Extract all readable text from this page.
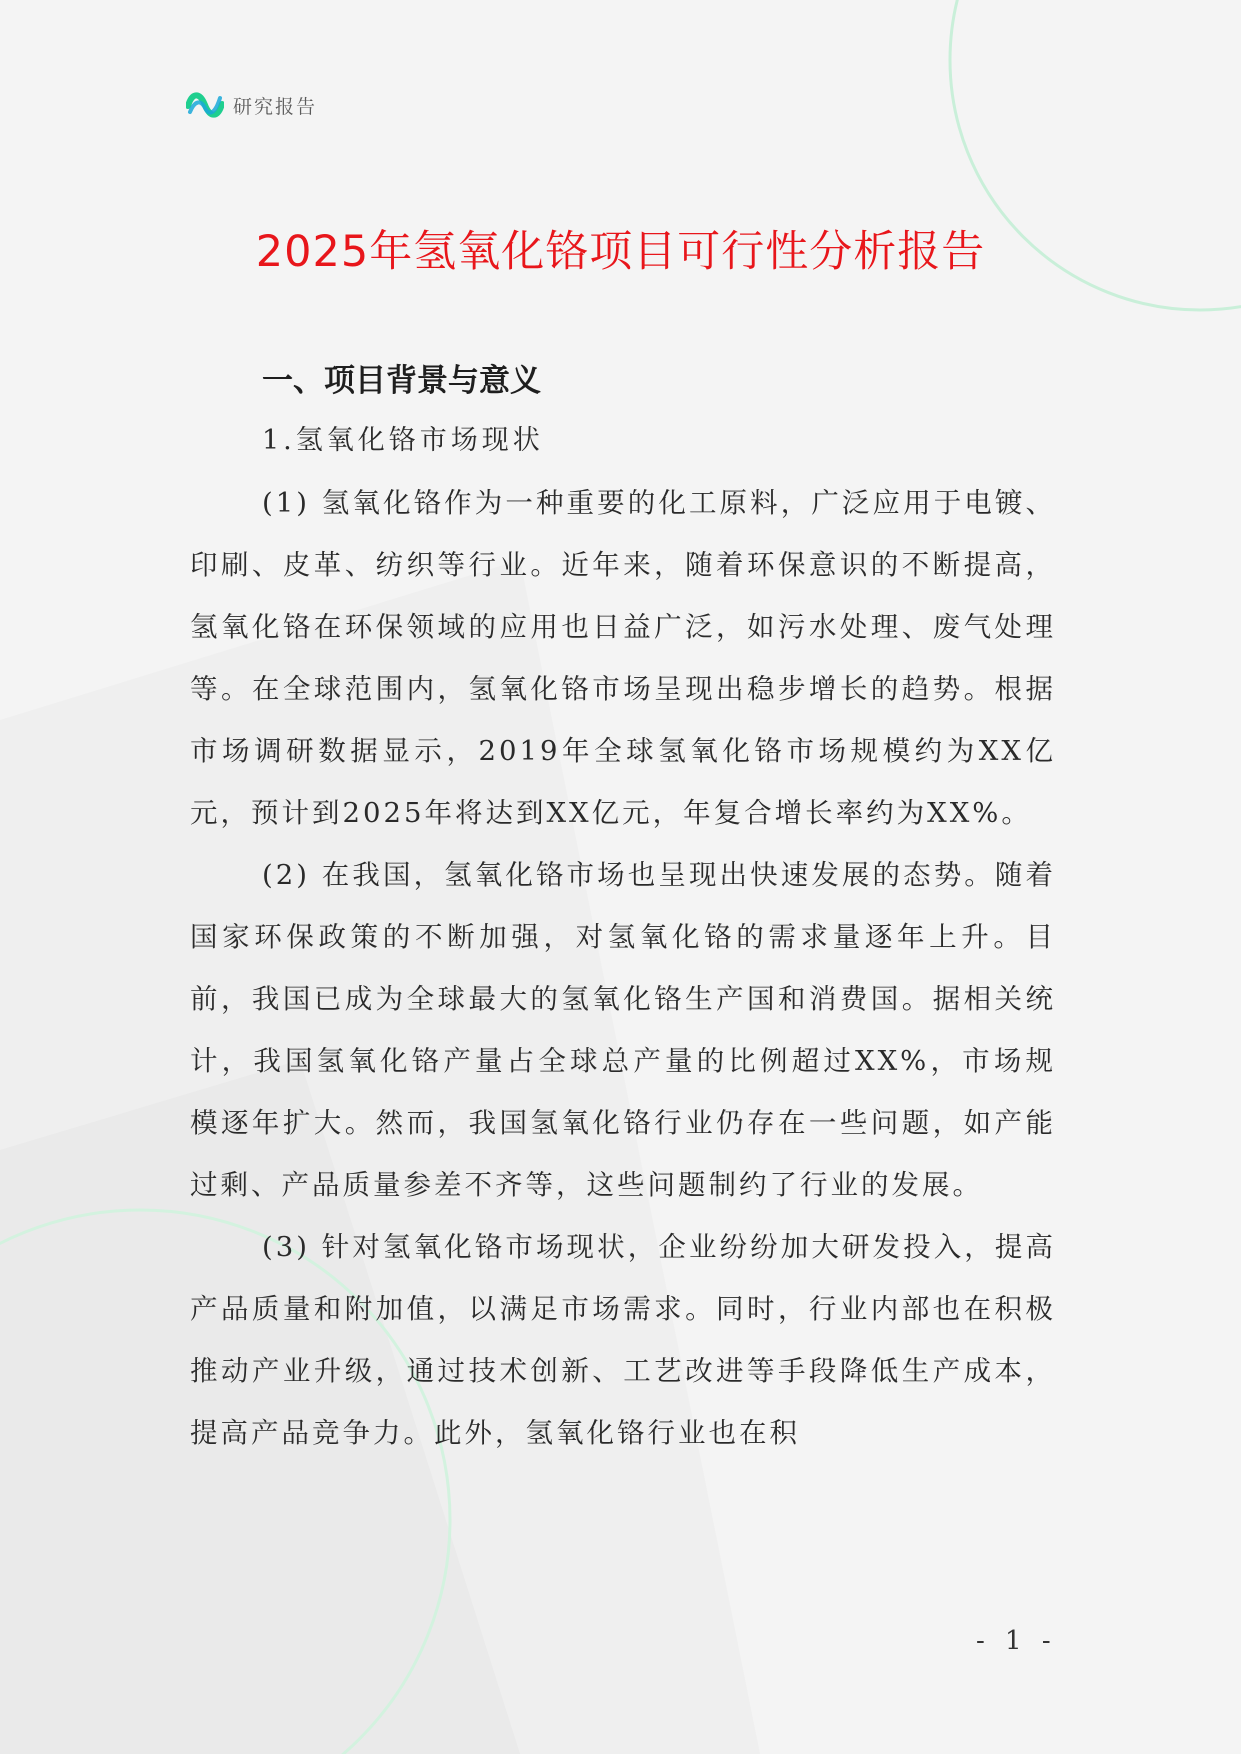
研究报告
2025年氢氧化铬项目可行性分析报告
一、项目背景与意义
1.氢氧化铬市场现状

(1) 氢氧化铬作为一种重要的化工原料，广泛应用于电镀、印刷、皮革、纺织等行业。近年来，随着环保意识的不断提高，氢氧化铬在环保领域的应用也日益广泛，如污水处理、废气处理等。在全球范围内，氢氧化铬市场呈现出稳步增长的趋势。根据市场调研数据显示，2019年全球氢氧化铬市场规模约为XX亿元，预计到2025年将达到XX亿元，年复合增长率约为XX%。

(2) 在我国，氢氧化铬市场也呈现出快速发展的态势。随着国家环保政策的不断加强，对氢氧化铬的需求量逐年上升。目前，我国已成为全球最大的氢氧化铬生产国和消费国。据相关统计，我国氢氧化铬产量占全球总产量的比例超过XX%，市场规模逐年扩大。然而，我国氢氧化铬行业仍存在一些问题，如产能过剩、产品质量参差不齐等，这些问题制约了行业的发展。

(3) 针对氢氧化铬市场现状，企业纷纷加大研发投入，提高产品质量和附加值，以满足市场需求。同时，行业内部也在积极推动产业升级，通过技术创新、工艺改进等手段降低生产成本，提高产品竞争力。此外，氢氧化铬行业也在积

- 1 -
